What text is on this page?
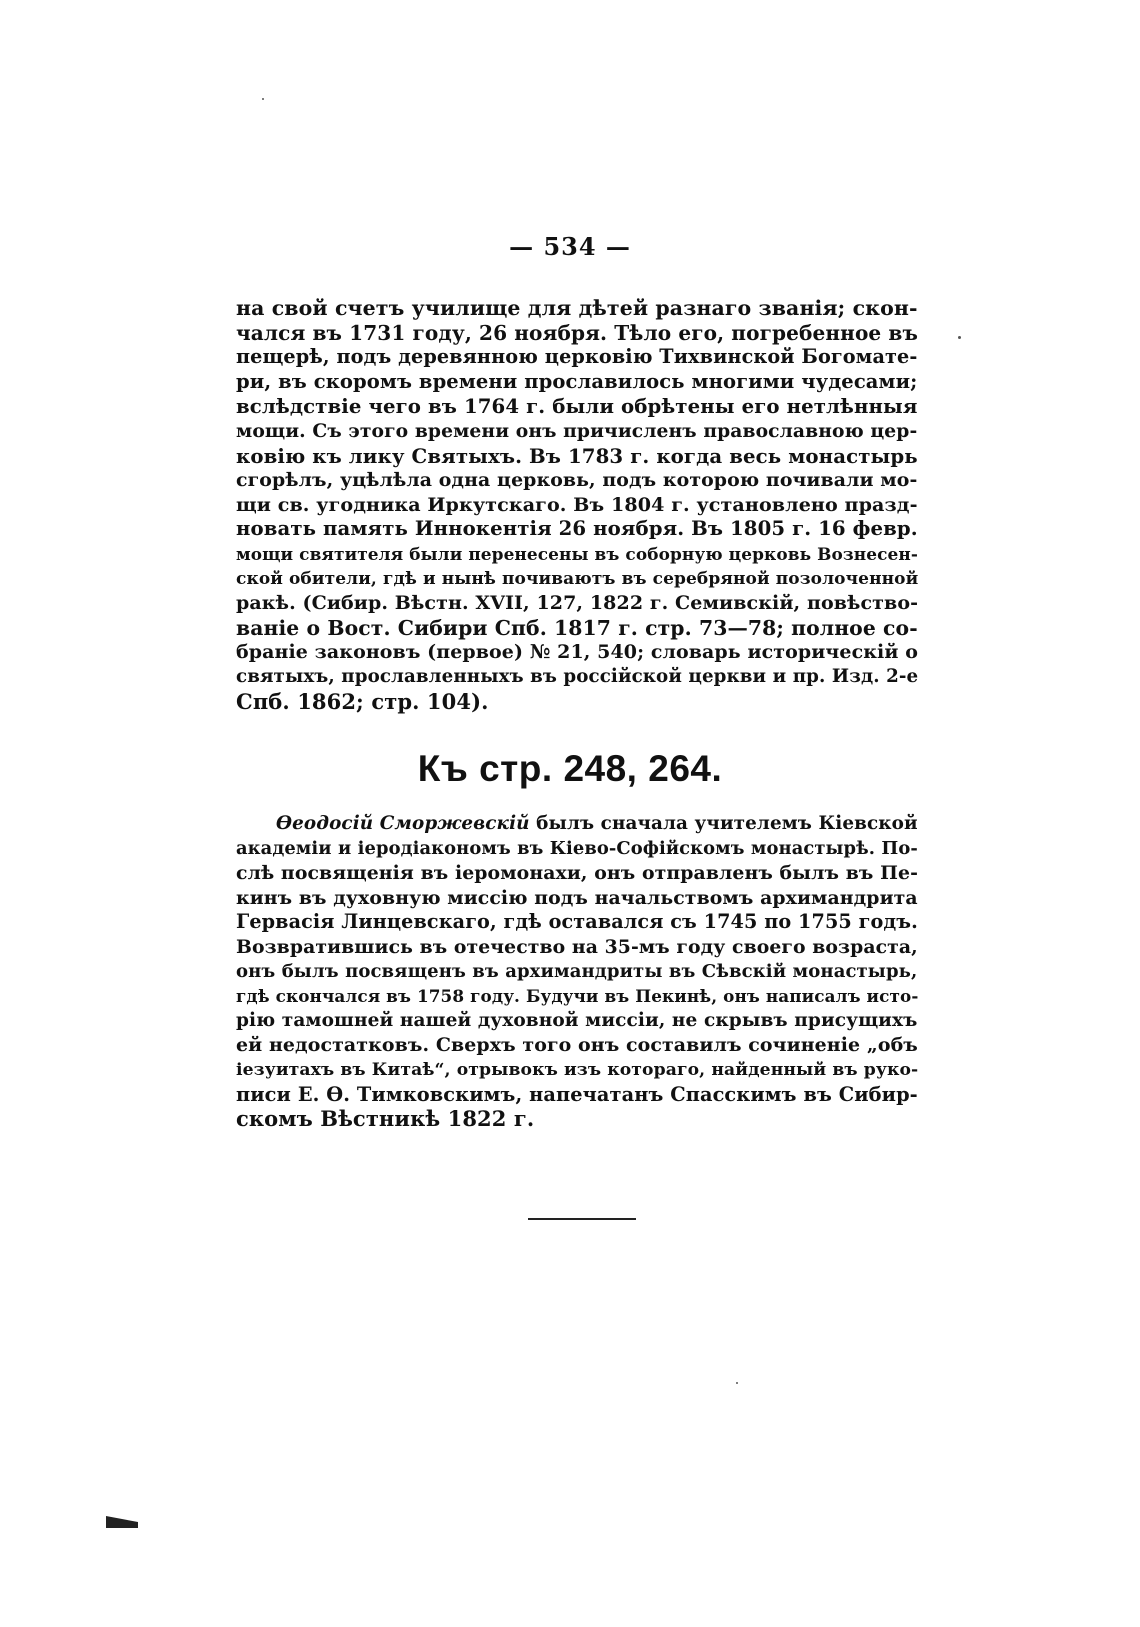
— 534 —
на свой счетъ училище для дѣтей разнаго званія; скон-
чался въ 1731 году, 26 ноября. Тѣло его, погребенное въ
пещерѣ, подъ деревянною церковію Тихвинской Богомате-
ри, въ скоромъ времени прославилось многими чудесами;
вслѣдствіе чего въ 1764 г. были обрѣтены его нетлѣнныя
мощи. Съ этого времени онъ причисленъ православною цер-
ковію къ лику Святыхъ. Въ 1783 г. когда весь монастырь
сгорѣлъ, уцѣлѣла одна церковь, подъ которою почивали мо-
щи св. угодника Иркутскаго. Въ 1804 г. установлено празд-
новать память Иннокентія 26 ноября. Въ 1805 г. 16 февр.
мощи святителя были перенесены въ соборную церковь Вознесен-
ской обители, гдѣ и нынѣ почиваютъ въ серебряной позолоченной
ракѣ. (Сибир. Вѣстн. XVII, 127, 1822 г. Семивскій, повѣство-
ваніе о Вост. Сибири Спб. 1817 г. стр. 73—78; полное со-
браніе законовъ (первое) № 21, 540; словарь историческій о
святыхъ, прославленныхъ въ россійской церкви и пр. Изд. 2-е
Спб. 1862; стр. 104).
Къ стр. 248, 264.
Ѳеодосій Сморжевскій былъ сначала учителемъ Кіевской
академіи и іеродіакономъ въ Кіево-Софійскомъ монастырѣ. По-
слѣ посвященія въ іеромонахи, онъ отправленъ былъ въ Пе-
кинъ въ духовную миссію подъ начальствомъ архимандрита
Гервасія Линцевскаго, гдѣ оставался съ 1745 по 1755 годъ.
Возвратившись въ отечество на 35-мъ году своего возраста,
онъ былъ посвященъ въ архимандриты въ Сѣвскій монастырь,
гдѣ скончался въ 1758 году. Будучи въ Пекинѣ, онъ написалъ исто-
рію тамошней нашей духовной миссіи, не скрывъ присущихъ
ей недостатковъ. Сверхъ того онъ составилъ сочиненіе „объ
іезуитахъ въ Китаѣ“, отрывокъ изъ котораго, найденный въ руко-
писи Е. Ѳ. Тимковскимъ, напечатанъ Спасскимъ въ Сибир-
скомъ Вѣстникѣ 1822 г.
